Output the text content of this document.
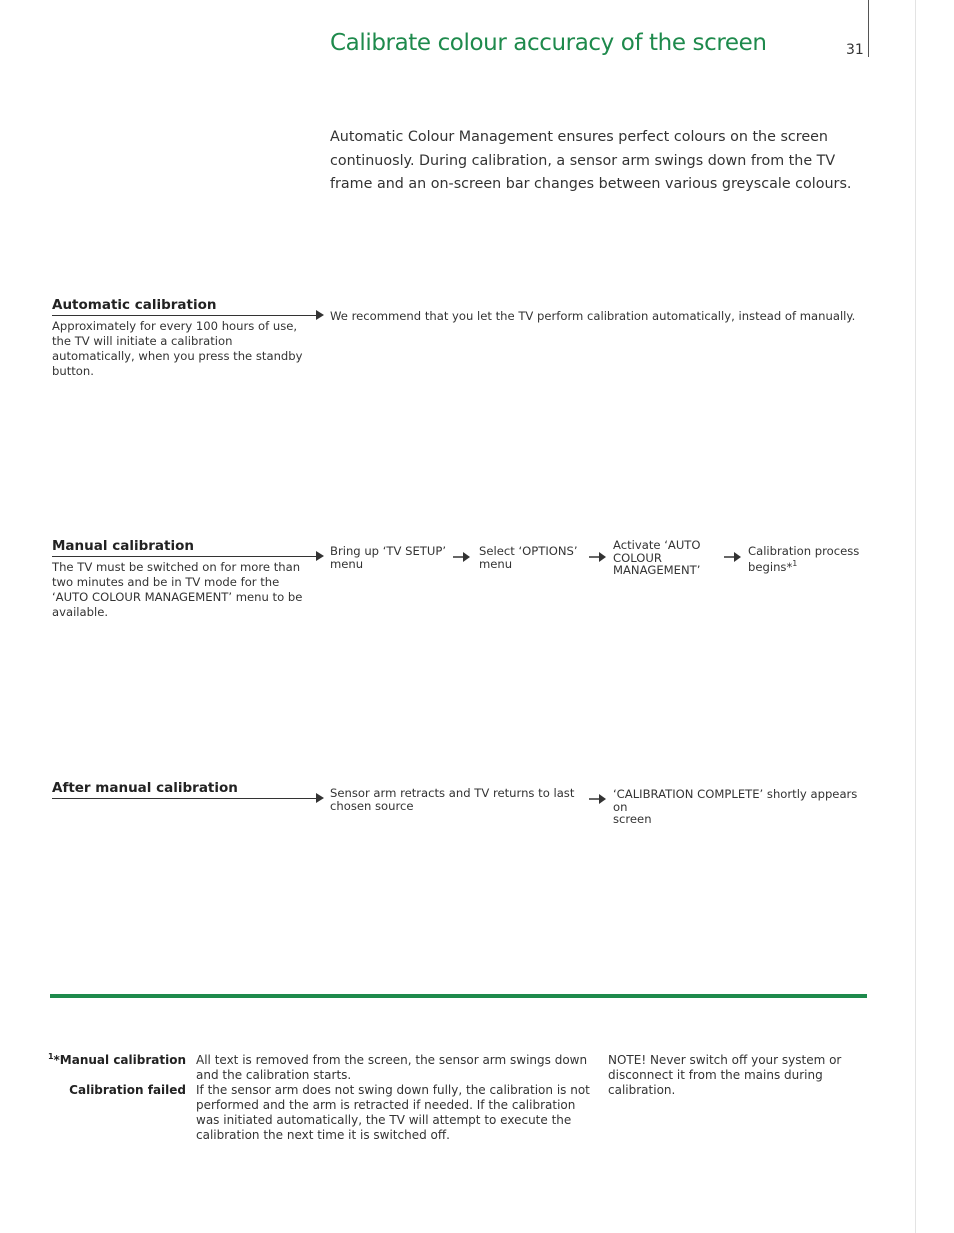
Calibrate colour accuracy of the screen	31
Automatic Colour Management ensures perfect colours on the screen continuosly. During calibration, a sensor arm swings down from the TV frame and an on-screen bar changes between various greyscale colours.
Automatic calibration
Approximately for every 100 hours of use, the TV will initiate a calibration automatically, when you press the standby button.
We recommend that you let the TV perform calibration automatically, instead of manually.
Manual calibration
The TV must be switched on for more than two minutes and be in TV mode for the ‘AUTO COLOUR MANAGEMENT’ menu to be available.
Bring up ‘TV SETUP’
menu
Select ‘OPTIONS’
menu
Activate ‘AUTO
COLOUR
MANAGEMENT’
Calibration process
begins*$^1$
After manual calibration	Sensor arm retracts and TV returns to last
chosen source
‘CALIBRATION COMPLETE’ shortly appears on
screen
$^1$*Manual calibration All text is removed from the screen, the sensor arm swings down and the calibration starts.
Calibration failed If the sensor arm does not swing down fully, the calibration is not performed and the arm is retracted if needed. If the calibration was initiated automatically, the TV will attempt to execute the calibration the next time it is switched off.
NOTE! Never switch off your system or disconnect it from the mains during calibration.
